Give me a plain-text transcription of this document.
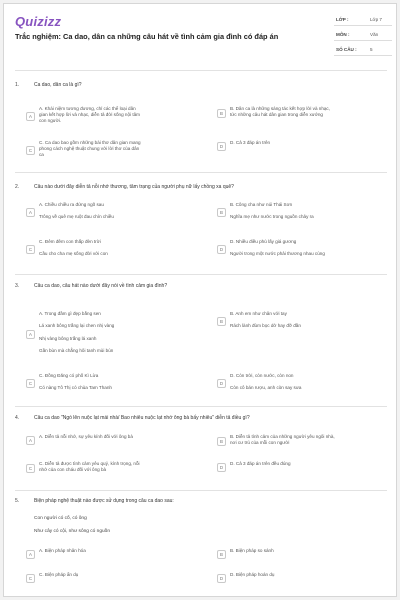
Quizizz
Trắc nghiệm: Ca dao, dân ca những câu hát về tình cảm gia đình có đáp án
LỚP :	Lớp 7
MÔN :	Văn
SỐ CÂU :	5
1.	Ca dao, dân ca là gì?
A
A. Khái niệm tương đương, chỉ các thể loại dân
gian kết hợp lời và nhạc, diễn tả đời sống nội tâm
con người.
B
B. Dân ca là những sáng tác kết hợp lời và nhạc,
tức những câu hát dân gian trong diễn xướng
C
C. Ca dao bao gồm những bài thơ dân gian mang
phong cách nghệ thuật chung với lời thơ của dân
ca
D
D. Cả 3 đáp án trên
2.	Câu nào dưới đây diễn tả nỗi nhớ thương, tâm trạng của người phụ nữ lấy chồng xa quê?
A
A. Chiều chiều ra đứng ngõ sau
Trông về quê mẹ ruột đau chín chiều
B
B. Công cha như núi Thái Sơn
Nghĩa mẹ như nước trong nguồn chảy ra
C
C. Đêm đêm con thắp đèn trời
Cầu cho cha mẹ sống đời với con
D
D. Nhiều điều phủ lấy giá gương
Người trong một nước phải thương nhau cùng
3.	Câu ca dao, câu hát nào dưới đây nói về tình cảm gia đình?
A
A. Trong đầm gì đẹp bằng sen
Lá xanh bông trắng lại chen nhị vàng
Nhị vàng bông trắng lá xanh
Gần bùn mà chẳng hôi tanh mùi bùn
B
B. Anh em như chân với tay
Rách lành đùm bọc dở hay đỡ đần
C
C. Đồng Đăng có phố Kì Lừa
Có nàng Tô Thị có chùa Tam Thanh
D
D. Còn trời, còn nước, còn non
Còn cô bán rượu, anh còn say sưa
4.	Câu ca dao "Ngó lên nuộc lạt mái nhà/ Bao nhiêu nuộc lạt nhớ ông bà bấy nhiêu" diễn tả điều gì?
A
A. Diễn tả nỗi nhớ, sự yêu kính đối với ông bà
B
B. Diễn tả tình cảm của những người yêu ngôi nhà,
nơi cư trú của mỗi con người
C
C. Diễn tả được tình cảm yêu quý, kính trọng, nỗi
nhớ của con cháu đối với ông bà	D
D. Cả 3 đáp án trên đều đúng
5.	Biện pháp nghệ thuật nào được sử dụng trong câu ca dao sau:
Con người có cố, có ông
Như cây có cội, như sông có nguồn
A
A. Biện pháp nhân hóa
B
B. Biện pháp so sánh
C
C. Biện pháp ẩn dụ
D
D. Biện pháp hoán dụ
